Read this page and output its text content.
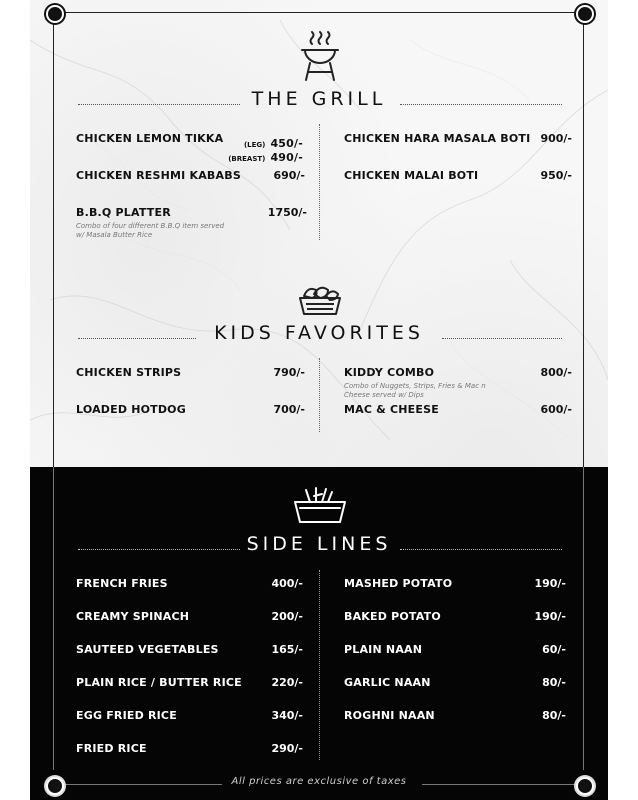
THE GRILL
CHICKEN LEMON TIKKA	(LEG) 450/-
(BREAST) 490/-
CHICKEN RESHMI KABABS	690/-
B.B.Q PLATTER
Combo of four different B.B.Q item served w/ Masala Butter Rice
1750/-
CHICKEN HARA MASALA BOTI 900/-
CHICKEN MALAI BOTI	950/-
KIDS FAVORITES
CHICKEN STRIPS	790/-
LOADED HOTDOG	700/-
KIDDY COMBO
Combo of Nuggets, Strips, Fries & Mac n Cheese served w/ Dips
800/-
MAC & CHEESE	600/-
SIDE LINES
FRENCH FRIES	400/-
CREAMY SPINACH	200/-
SAUTEED VEGETABLES	165/-
PLAIN RICE / BUTTER RICE	220/-
EGG FRIED RICE	340/-
FRIED RICE	290/-
MASHED POTATO	190/-
BAKED POTATO	190/-
PLAIN NAAN	60/-
GARLIC NAAN	80/-
ROGHNI NAAN	80/-
All prices are exclusive of taxes
